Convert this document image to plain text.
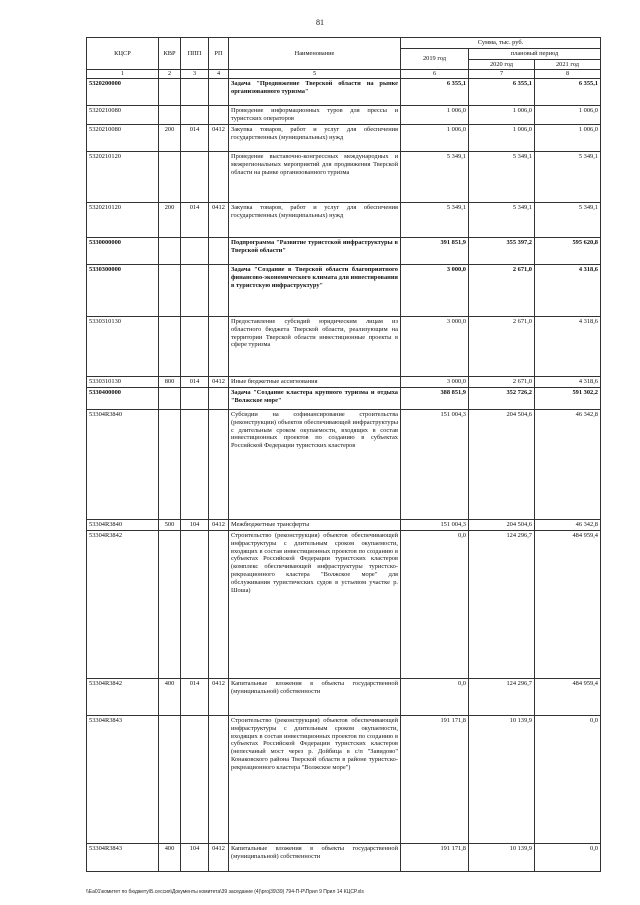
81
КЦСР	КВР	ППП	РП	Наименование	Сумма, тыс. руб.		
					2019 год	плановый период	
						2020 год	2021 год
1	2	3	4	5	6	7	8
5320200000				Задача "Продвижение Тверской области на рынке организованного туризма"	6 355,1	6 355,1	6 355,1
5320210080				Проведение информационных туров для прессы и туристских операторов	1 006,0	1 006,0	1 006,0
5320210080	200	014	0412	Закупка товаров, работ и услуг для обеспечения государственных (муниципальных) нужд	1 006,0	1 006,0	1 006,0
5320210120				Проведение выставочно-конгрессных международных и межрегиональных мероприятий для продвижения Тверской области на рынке организованного туризма	5 349,1	5 349,1	5 349,1
5320210120	200	014	0412	Закупка товаров, работ и услуг для обеспечения государственных (муниципальных) нужд	5 349,1	5 349,1	5 349,1
5330000000				Подпрограмма "Развитие туристской инфраструктуры в Тверской области"	391 851,9	355 397,2	595 620,8
5330300000				Задача "Создание в Тверской области благоприятного финансово-экономического климата для инвестирования в туристскую инфраструктуру"	3 000,0	2 671,0	4 318,6
5330310130				Предоставление субсидий юридическим лицам из областного бюджета Тверской области, реализующим на территории Тверской области инвестиционные проекты в сфере туризма	3 000,0	2 671,0	4 318,6
5330310130	800	014	0412	Иные бюджетные ассигнования	3 000,0	2 671,0	4 318,6
5330400000				Задача "Создание кластера крупного туризма и отдыха "Волжское море"	388 851,9	352 726,2	591 302,2
53304R3840				Субсидии на софинансирование строительства (реконструкции) объектов обеспечивающей инфраструктуры с длительным сроком окупаемости, входящих в состав инвестиционных проектов по созданию в субъектах Российской Федерации туристских кластеров	151 004,3	204 504,6	46 342,8
53304R3840	500	104	0412	Межбюджетные трансферты	151 004,3	204 504,6	46 342,8
53304R3842				Строительство (реконструкция) объектов обеспечивающей инфраструктуры с длительным сроком окупаемости, входящих в состав инвестиционных проектов по созданию в субъектах Российской Федерации туристских кластеров (комплекс обеспечивающей инфраструктуры туристско-рекреационного кластера "Волжское море" для обслуживания туристических судов в устьевом участке р. Шоша)	0,0	124 296,7	484 959,4
53304R3842	400	014	0412	Капитальные вложения в объекты государственной (муниципальной) собственности	0,0	124 296,7	484 959,4
53304R3843				Строительство (реконструкция) объектов обеспечивающей инфраструктуры с длительным сроком окупаемости, входящих в состав инвестиционных проектов по созданию в субъектах Российской Федерации туристских кластеров (непесчаный мост через р. Дойбица в с/п "Завидово" Конаковского района Тверской области в районе туристско-рекреационного кластера "Волжское море")	191 171,8	10 139,9	0,0
53304R3843	400	104	0412	Капитальные вложения в объекты государственной (муниципальной) собственности	191 171,8	10 139,9	0,0
\\Ea01\комитет по бюджету\Б.сессия\Документы комитета\39 заседание (4)\proj39\39) 794-П-Р\Прил 9 Прил 14 КЦСР.xls
